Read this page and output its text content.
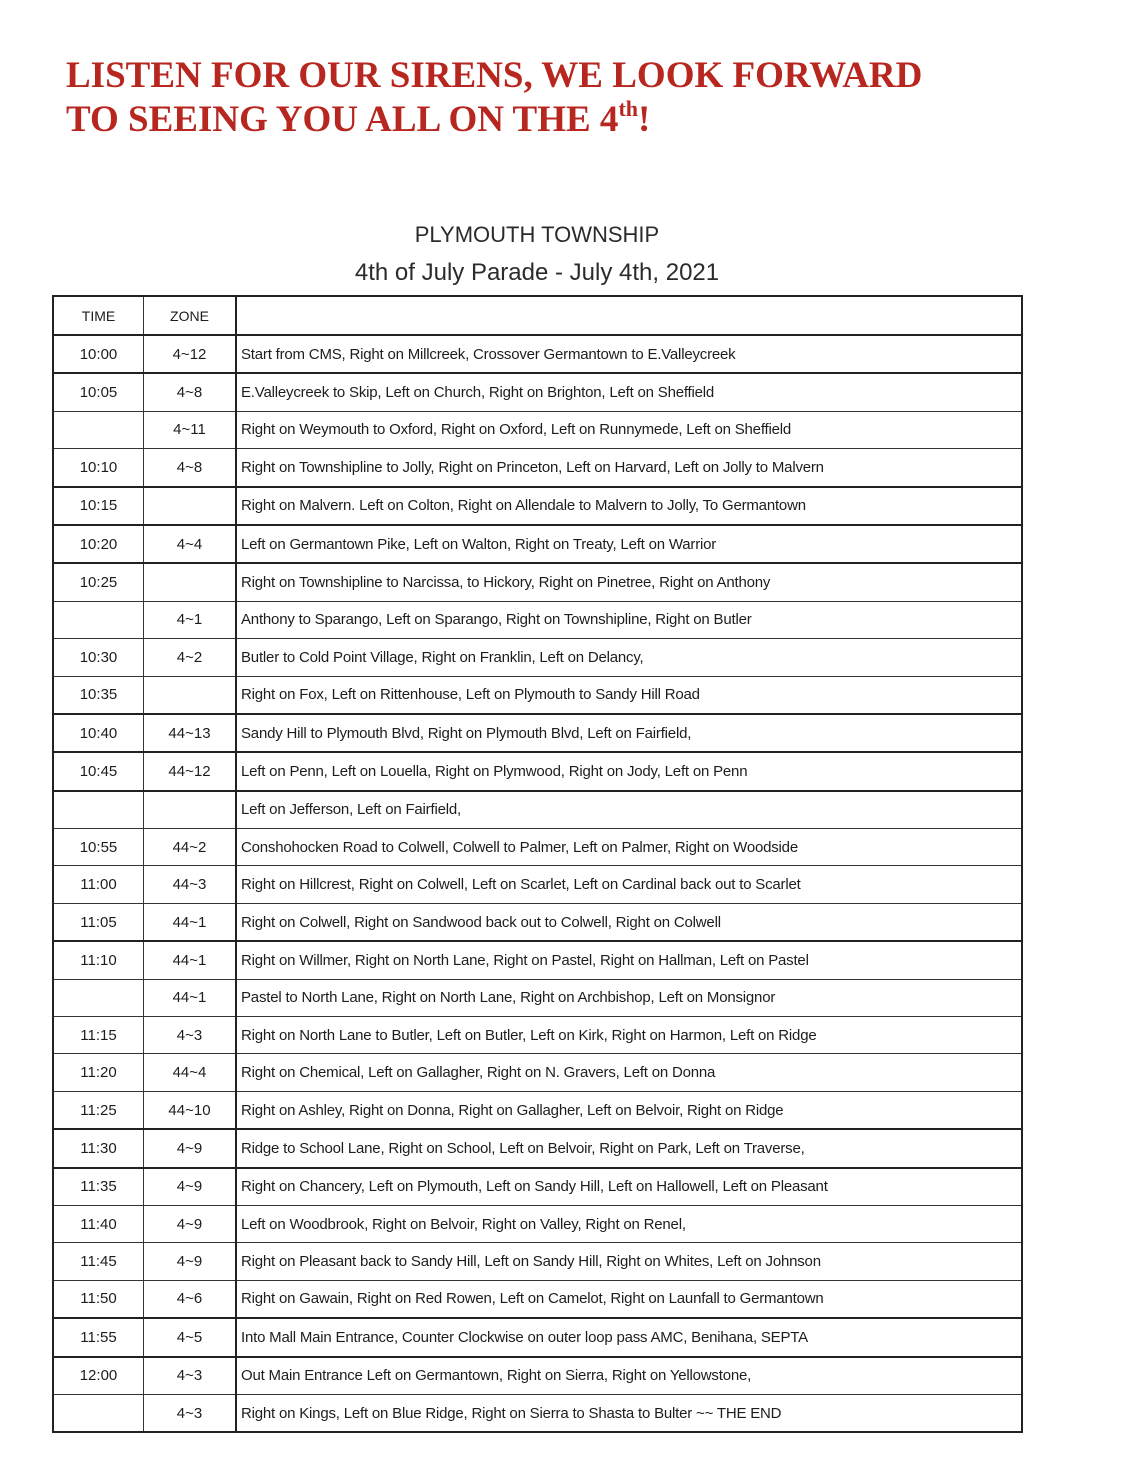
LISTEN FOR OUR SIRENS, WE LOOK FORWARD
TO SEEING YOU ALL ON THE 4th!
PLYMOUTH TOWNSHIP
4th of July Parade - July 4th, 2021
TIME	ZONE	
10:00	4~12	Start from CMS, Right on Millcreek, Crossover Germantown to E.Valleycreek
10:05	4~8	E.Valleycreek to Skip, Left on Church, Right on Brighton, Left on Sheffield
	4~11	Right on Weymouth to Oxford, Right on Oxford, Left on Runnymede, Left on Sheffield
10:10	4~8	Right on Townshipline to Jolly, Right on Princeton, Left on Harvard, Left on Jolly to Malvern
10:15		Right on Malvern. Left on Colton, Right on Allendale to Malvern to Jolly, To Germantown
10:20	4~4	Left on Germantown Pike, Left on Walton, Right on Treaty, Left on Warrior
10:25		Right on Townshipline to Narcissa, to Hickory, Right on Pinetree, Right on Anthony
	4~1	Anthony to Sparango, Left on Sparango, Right on Townshipline, Right on Butler
10:30	4~2	Butler to Cold Point Village, Right on Franklin, Left on Delancy,
10:35		Right on Fox, Left on Rittenhouse, Left on Plymouth to Sandy Hill Road
10:40	44~13	Sandy Hill to Plymouth Blvd, Right on Plymouth Blvd, Left on Fairfield,
10:45	44~12	Left on Penn, Left on Louella, Right on Plymwood, Right on Jody, Left on Penn
		Left on Jefferson, Left on Fairfield,
10:55	44~2	Conshohocken Road to Colwell, Colwell to Palmer, Left on Palmer, Right on Woodside
11:00	44~3	Right on Hillcrest, Right on Colwell, Left on Scarlet, Left on Cardinal back out to Scarlet
11:05	44~1	Right on Colwell, Right on Sandwood back out to Colwell, Right on Colwell
11:10	44~1	Right on Willmer, Right on North Lane, Right on Pastel, Right on Hallman, Left on Pastel
	44~1	Pastel to North Lane, Right on North Lane, Right on Archbishop, Left on Monsignor
11:15	4~3	Right on North Lane to Butler, Left on Butler, Left on Kirk, Right on Harmon, Left on Ridge
11:20	44~4	Right on Chemical, Left on Gallagher, Right on N. Gravers, Left on Donna
11:25	44~10	Right on Ashley, Right on Donna, Right on Gallagher, Left on Belvoir, Right on Ridge
11:30	4~9	Ridge to School Lane, Right on School, Left on Belvoir, Right on Park, Left on Traverse,
11:35	4~9	Right on Chancery, Left on Plymouth, Left on Sandy Hill, Left on Hallowell, Left on Pleasant
11:40	4~9	Left on Woodbrook, Right on Belvoir, Right on Valley, Right on Renel,
11:45	4~9	Right on Pleasant back to Sandy Hill, Left on Sandy Hill, Right on Whites, Left on Johnson
11:50	4~6	Right on Gawain, Right on Red Rowen, Left on Camelot, Right on Launfall to Germantown
11:55	4~5	Into Mall Main Entrance, Counter Clockwise on outer loop pass AMC, Benihana, SEPTA
12:00	4~3	Out Main Entrance Left on Germantown, Right on Sierra, Right on Yellowstone,
	4~3	Right on Kings, Left on Blue Ridge, Right on Sierra to Shasta to Bulter ~~ THE END
